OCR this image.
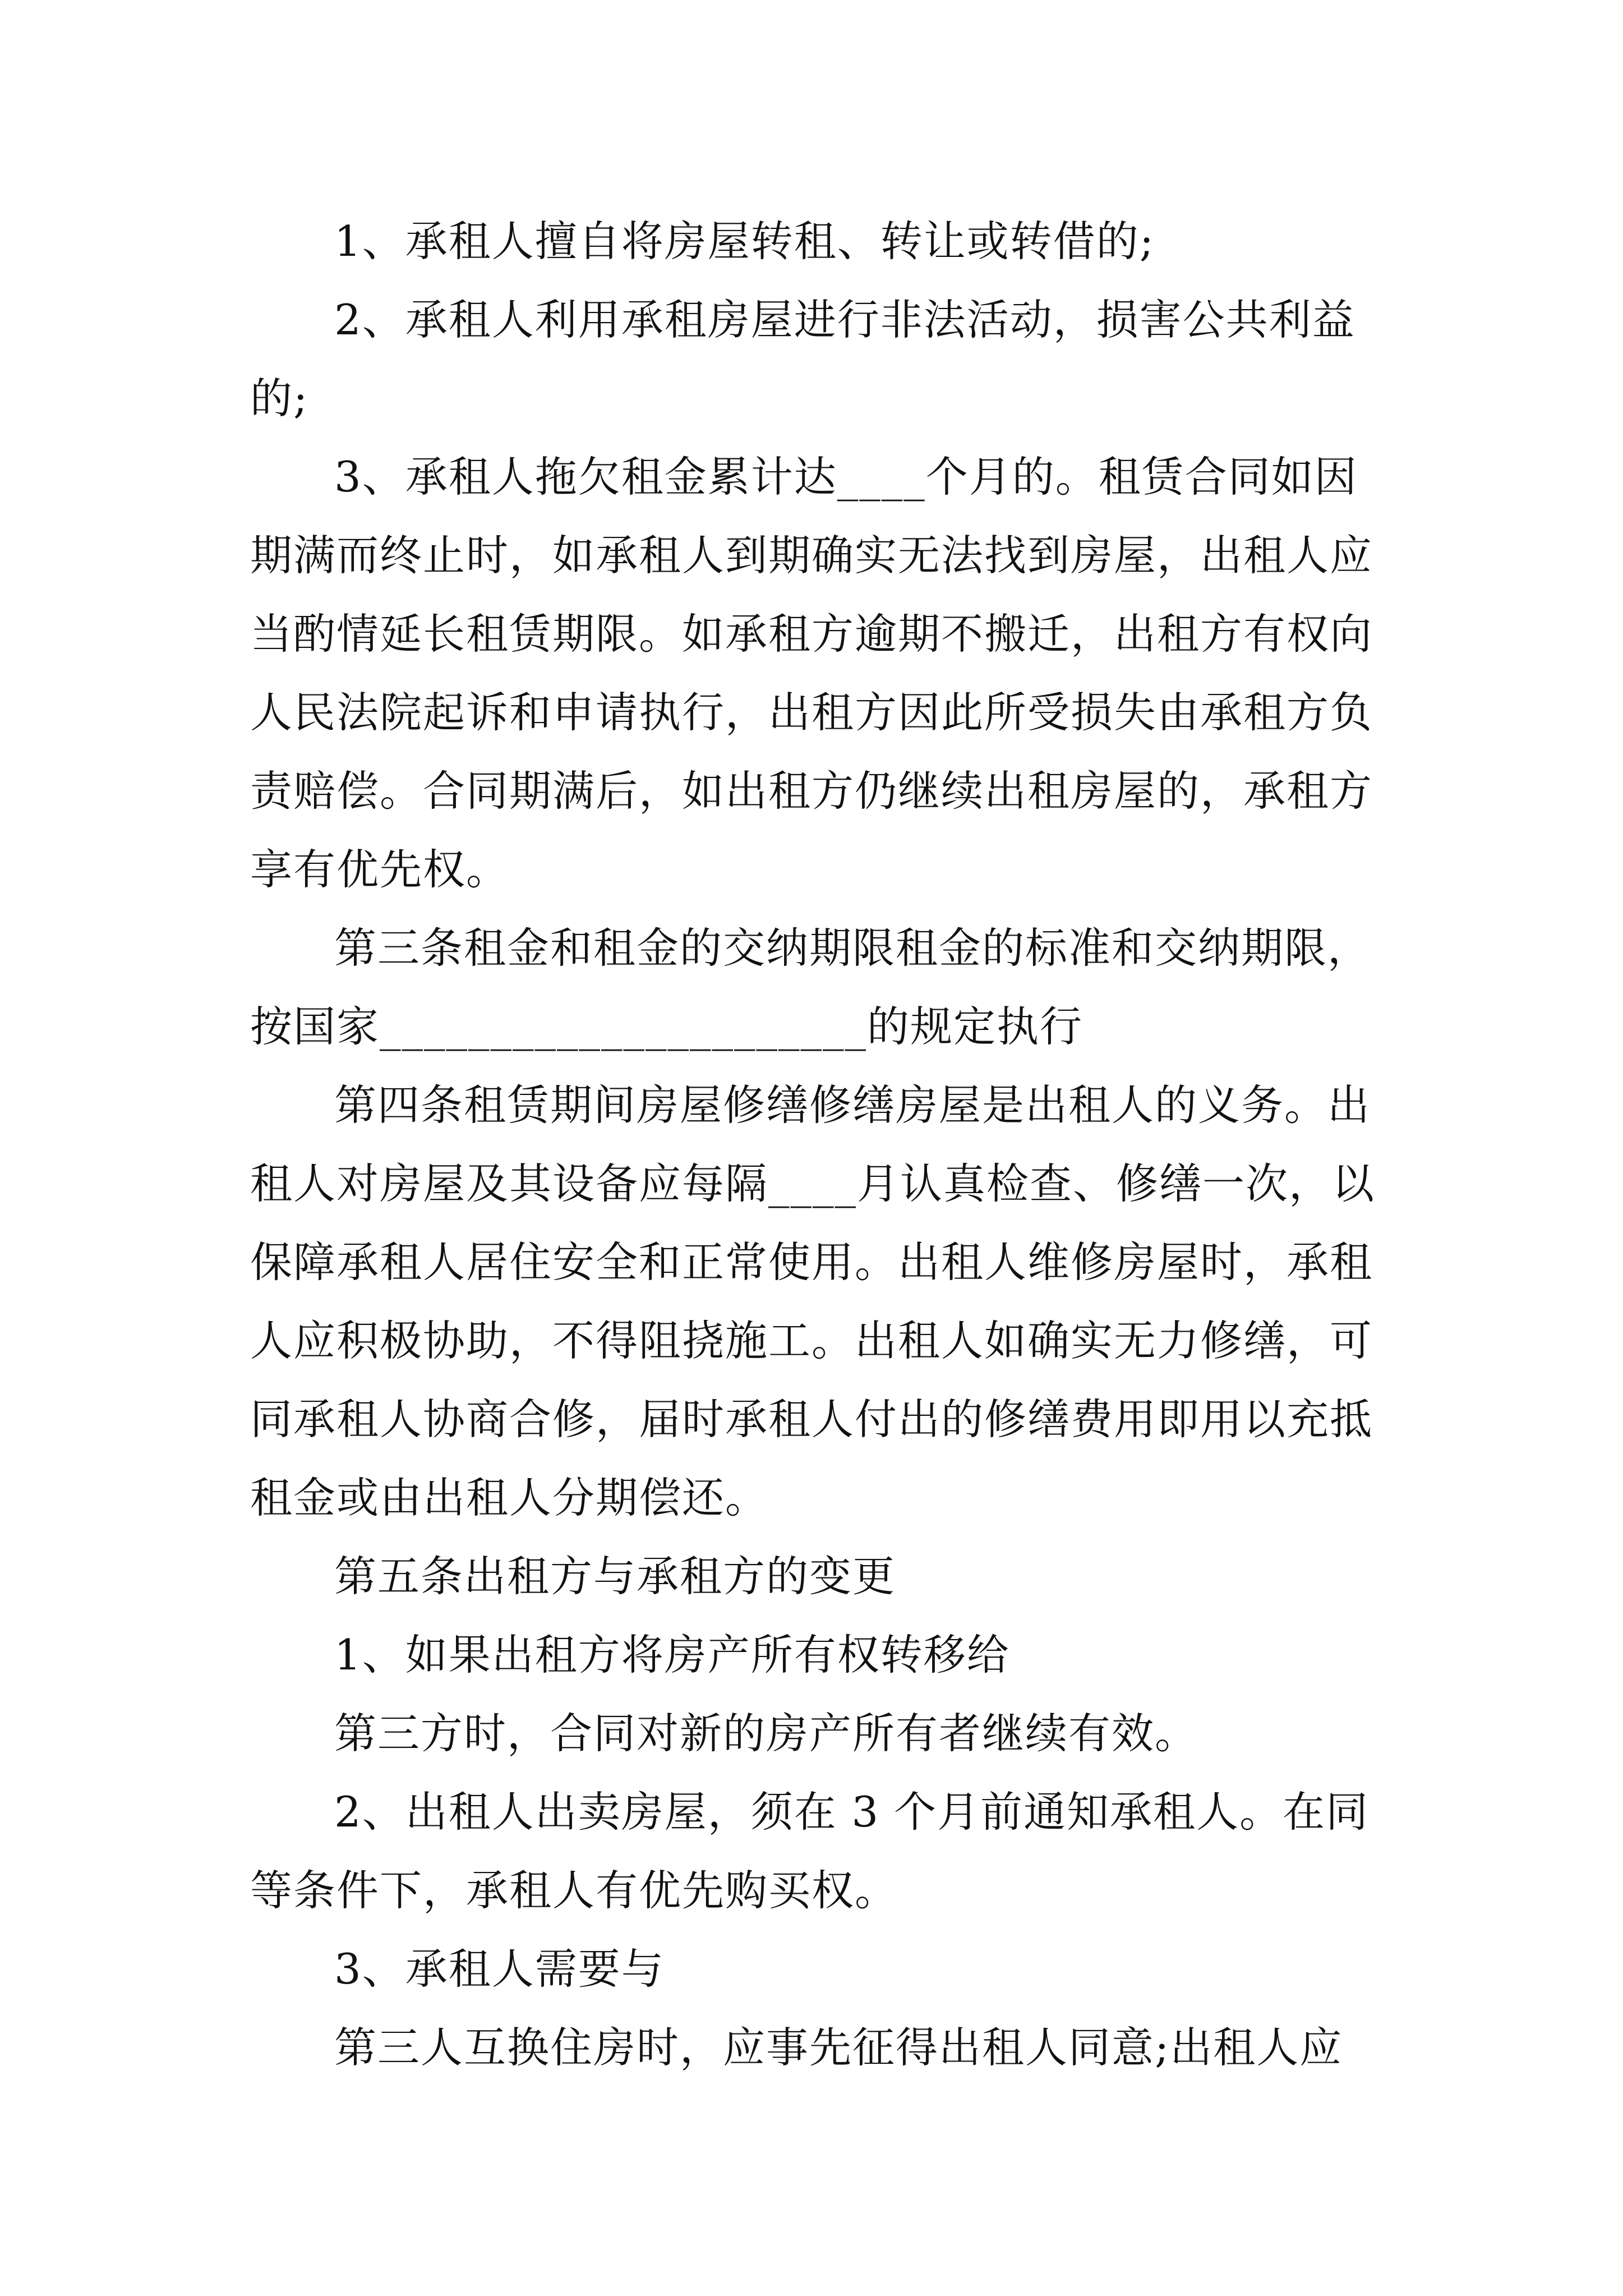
1、承租人擅自将房屋转租、转让或转借的;

2、承租人利用承租房屋进行非法活动，损害公共利益

的;

3、承租人拖欠租金累计达____个月的。租赁合同如因

期满而终止时，如承租人到期确实无法找到房屋，出租人应

当酌情延长租赁期限。如承租方逾期不搬迁，出租方有权向

人民法院起诉和申请执行，出租方因此所受损失由承租方负

责赔偿。合同期满后，如出租方仍继续出租房屋的，承租方

享有优先权。

第三条租金和租金的交纳期限租金的标准和交纳期限，

按国家______________________的规定执行

第四条租赁期间房屋修缮修缮房屋是出租人的义务。出

租人对房屋及其设备应每隔____月认真检查、修缮一次，以

保障承租人居住安全和正常使用。出租人维修房屋时，承租

人应积极协助，不得阻挠施工。出租人如确实无力修缮，可

同承租人协商合修，届时承租人付出的修缮费用即用以充抵

租金或由出租人分期偿还。

第五条出租方与承租方的变更

1、如果出租方将房产所有权转移给

第三方时，合同对新的房产所有者继续有效。

2、出租人出卖房屋，须在 3 个月前通知承租人。在同

等条件下，承租人有优先购买权。

3、承租人需要与

第三人互换住房时，应事先征得出租人同意;出租人应
